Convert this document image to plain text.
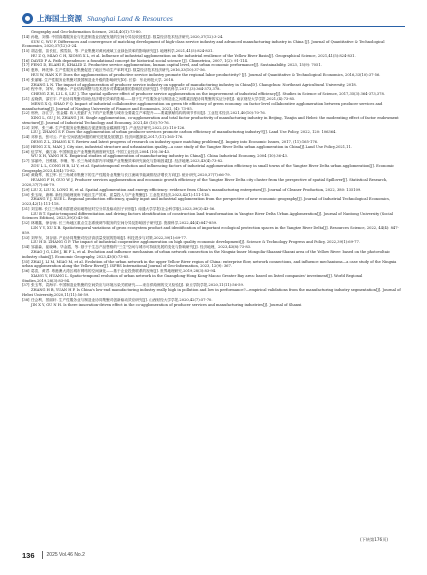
上海国土资源 Shanghai Land & Resources

Geography and Geo-Information Science, 2024,40(1):73-80.

[14] 孙艳，刘倩. 中国高端服务业与先进制造业匹配发展的空间分异及收敛性[J]. 数量经济技术经济研究,2020,37(12):3-24.

SUN C, WU F. Differences and convergence of matching development of high-class service industry and advanced manufacturing industry in China [J]. Journal of Quantitative & Technological Economics, 2020,37(12):3-24.

[15] 胡志强，苗长虹，熊雪如，等. 产业集聚对黄河流域工业绿色效率的影响研究[J]. 地理科学,2021,41(5):824-831.

HU Z Q, MIAO C H, XIONG X L, et al. Influence of industrial agglomeration on the industrial resilience of the Yellow River Basin[J]. Geographical Science, 2021,41(5):824-831.

[16] DAVID P A. Path dependence: a foundational concept for historical social science [J]. Cliometrica, 2007, 1(2): 91-114.

[17] FENG D, ELAHI E, KHALID Z. Productive service agglomeration, human capital level, and urban economic performance[J]. Sustainability, 2023, 15(9): 7051.

[18] 惠炜，韩先锋. 生产性服务业集聚促进了地区劳动生产率吗?[J]. 数量经济技术经济研究,2016,33(10):37-56.

HUI W, HAN X F. Does the agglomeration of productive service industry promote the regional labor productivity? [J]. Journal of Quantitative & Technological Economics, 2016,33(10):37-56.

[19] 张丽娜. 生产性服务业集聚对我国制造业升级的影响研究[D]. 长春：东北师范大学, 2018.

ZHANG L N. The impact of agglomeration of producer service industry on upgrade of manufacturing industry in China[D]. Changchun: Northeast Agricultural University, 2018.

[20] 程中华，刘军，李廉水. 产业结构调整与技术进步对雾霾减排的影响效应研究[J]. 中国软科学,2017,(3):364-373,378.

CHENG Z H, LI L S, LIU J. The spatial spillover effect of producer service agglomeration on the improvement of industrial efficiency[J]. Studies in Science of Science, 2017,35(3):364-373,378.

[21] 孟晓倩，邵宏宇. 产业协同集聚对绿色经济增长效率的影响——基于生产性服务业与制造业之间要素匹配协同集聚的实证分析[J]. 南京财经大学学报,2021,(4):73-85.

MENG X Q, SHAO F Q. Impact of industrial collaborative agglomeration on green tfe efficiency of green economy: on factor level collaborative agglomeration between producer services and manufacturing[J]. Journal of Nanjing University of Finance and Economics, 2021, (4): 73-85.

[22] 邢伶，谷江宁，张金耀. 收入差距扩大下的产业集聚与城市全要素生产率提升——要素禀赋结构的调节作用[J]. 工业技术经济,2021,40(10):70-76.

XING L, GU J N, ZHANG J H. Single agglomeration, co-agglomeration and total factor productivity of manufacturing industry in Beijing, Tianjin and Hebei: the moderating effect of factor endowment structure[J]. Journal of Industrial Technology and Economy, 2021,40 (10):70-76.

[23] 刘军，张三峰. 生产性服务业集聚能否促进制造业碳减排?[J]. 产业经济研究,2022,(3):110-126.

LIU J, ZHANG S F. Does the agglomeration of urban producer services promote carbon efficiency of manufacturing industry?[J]. Land Use Policy, 2022, 120: 106364.

[24] 邓仲良，张可云. 产业-空间匹配问题的研究进展及展望[J]. 经济问题探索,2017,(11):165-176.

DENG Z L, ZHANG K Y. Review and latest progress of research on industry space matching problems[J]. Inquiry into Economic Issues, 2017, (11):165-176.

[25] HENG Z X, MAN J. City size, industrial structure and urbanization quality—a case study of the Yangtze River Delta urban agglomeration in China[J].Land Use Policy,2021,11.

[26] 伍学军，谢江南. 中国制造业产业集聚的测度研究[J]. 中国工业经济,2004 (10):36-43.

WU X H, YANG H X. Empirical studies of agglomeration of manufacturing industry in China[J]. China Industrial Economy, 2004 (10):36-43.

[27] 邹丽玲，吕维娜，李珊，等. 长三角城市群内半城镇产业集聚效率研究演化与影响因素[J]. 经济地理,2023,43(4):73-82.

ZOU L L, CONG H B, LI Y, et al. Spatiotemporal evolution and influencing factors of industrial agglomeration efficiency in small towns of the Yangtze River Delta urban agglomeration[J]. Economic Geography,2023,43(4):73-82.

[28] 黄晓琴，郭卫军. 长三角城市集聚下的生产性服务业集聚与长江流域节能减排经济增长方向[J]. 统计研究,2020,37(7):66-79.

HUANG F H, GUO W J. Producer services agglomeration and economic growth efficiency of the Yangtze River Delta city cluster from the perspective of spatial Spillover[J]. Statistical Research, 2020,37(7):66-79.

[29] LIU Z, LIU X, LONG H, et al. Spatial agglomeration and energy efficiency: evidence from China's manufacturing enterprises[J]. Journal of Cleaner Production, 2022, 380: 135109.

[30] 张玉琛，唐琳. 新经济地理视角下地区生产效率、质量投入与产业集聚[J]. 工业技术经济,2023,42(1):111-118.

ZHANG Y J, XUE L. Regional production efficiency, quality input and industrial agglomeration from the perspective of new economic geography[J]. Journal of Industrial Technological Economics, 2023,42(1):111-118.

[31] 刘宝琳. 长江三角城市群建设用地特征时空分异及驱动因子识别[J]. 南通大学学报(社会科学版),2023,39(3):43-56.

LIU B T. Spatio-temporal differentiation and driving factors identification of construction land transformation in Yangtze River Delta Urban Agglomeration[J]. Journal of Nantong University (Social Sciences Edition), 2023,39(3):43-56.

[32] 林瑾鑫，徐谷雨. 长三角地区重点生态系统调节服务的空间分异及影响因子研究[J]. 资源科学,2022,44(4):847-859.

LIN Y Y, XU X B. Spatiotemporal variations of gross ecosystem product and identification of important ecological protection spaces in the Yangtze River Delta[J]. Resources Science, 2022, 44(4): 847-859.

[33] 刘华东，刘谷朋. 产业协同集聚对经济高质量发展的影响[J]. 科技进步与对策,2022,39(1):69-77.

LIU H D. ZHANG G P. The impact of industrial cooperative agglomeration on high quality economic development[J]. Science & Technology Progress and Policy, 2022,39(1):69-77.

[34] 邹嘉森，崔晓峰，毕金霞，等. 基于于生态产品售格的"三生"空间与城市可持续发展的变化与影响研究[J]. 经济地理，2023,43(8):73-83.

ZHAO J G, LIM J, BI F L, et al. Evolution and influence mechanism of urban network connection in the Ningxia-Inner Mongolia-Shaanxi-Shanxi area of the Yellow River: based on the photovoltaic industry chain[J]. Economic Geography, 2023,43(8):73-85.

[35] ZHAI J, LI M, MIAO M, et al. Evolution of the urban network in the upper Yellow River region of China: enterprise flow, network connections, and influence mechanisms—a case study of the Ningxia urban agglomeration along the Yellow River[J]. ISPRS International Journal of Geo-Information, 2023, 12(9): 367.

[36] 葛喜，黄君. 粤港澳大湾区城市网络的空间演化——基于企业投资联系的视角[J]. 世界地理研究,2019,28(3):83-94.

XIANG Y, HUANG L. Spatio-temporal evolution of urban network in the Guangdong-Hong Kong-Macao Greater Bay area: based on listed companies' investment[J]. World Regional Studies,2019,28(3):83-94.

[37] 张玉琴，袁海平. 中国制造业集聚的空间效应与环境污染关联研究——来自供给侧的交叉检验[J]. 商丘学院学报,2020,11(11):56-59.

ZHANG H B, YUAN H P. Is China's low-end manufacturing industry really high in pollution and low in performance?—empirical validations from the manufacturing industry segmentation[J]. Journal of Hebei University,2020,11(11):56-59.

[38] 任会利，蔡丽轩. 生产性服务业与制造业协同集聚对创新驱动效应研究[J]. 山西财经大学学报,2020,42(7):57-70.

JIN X Y, GU N H. Is there innovation-driven effect in the co-agglomeration of producer services and manufacturing industries[J]. Journal of Shanxi

(下转第176页)
136 2025 Vol.46 No.2
